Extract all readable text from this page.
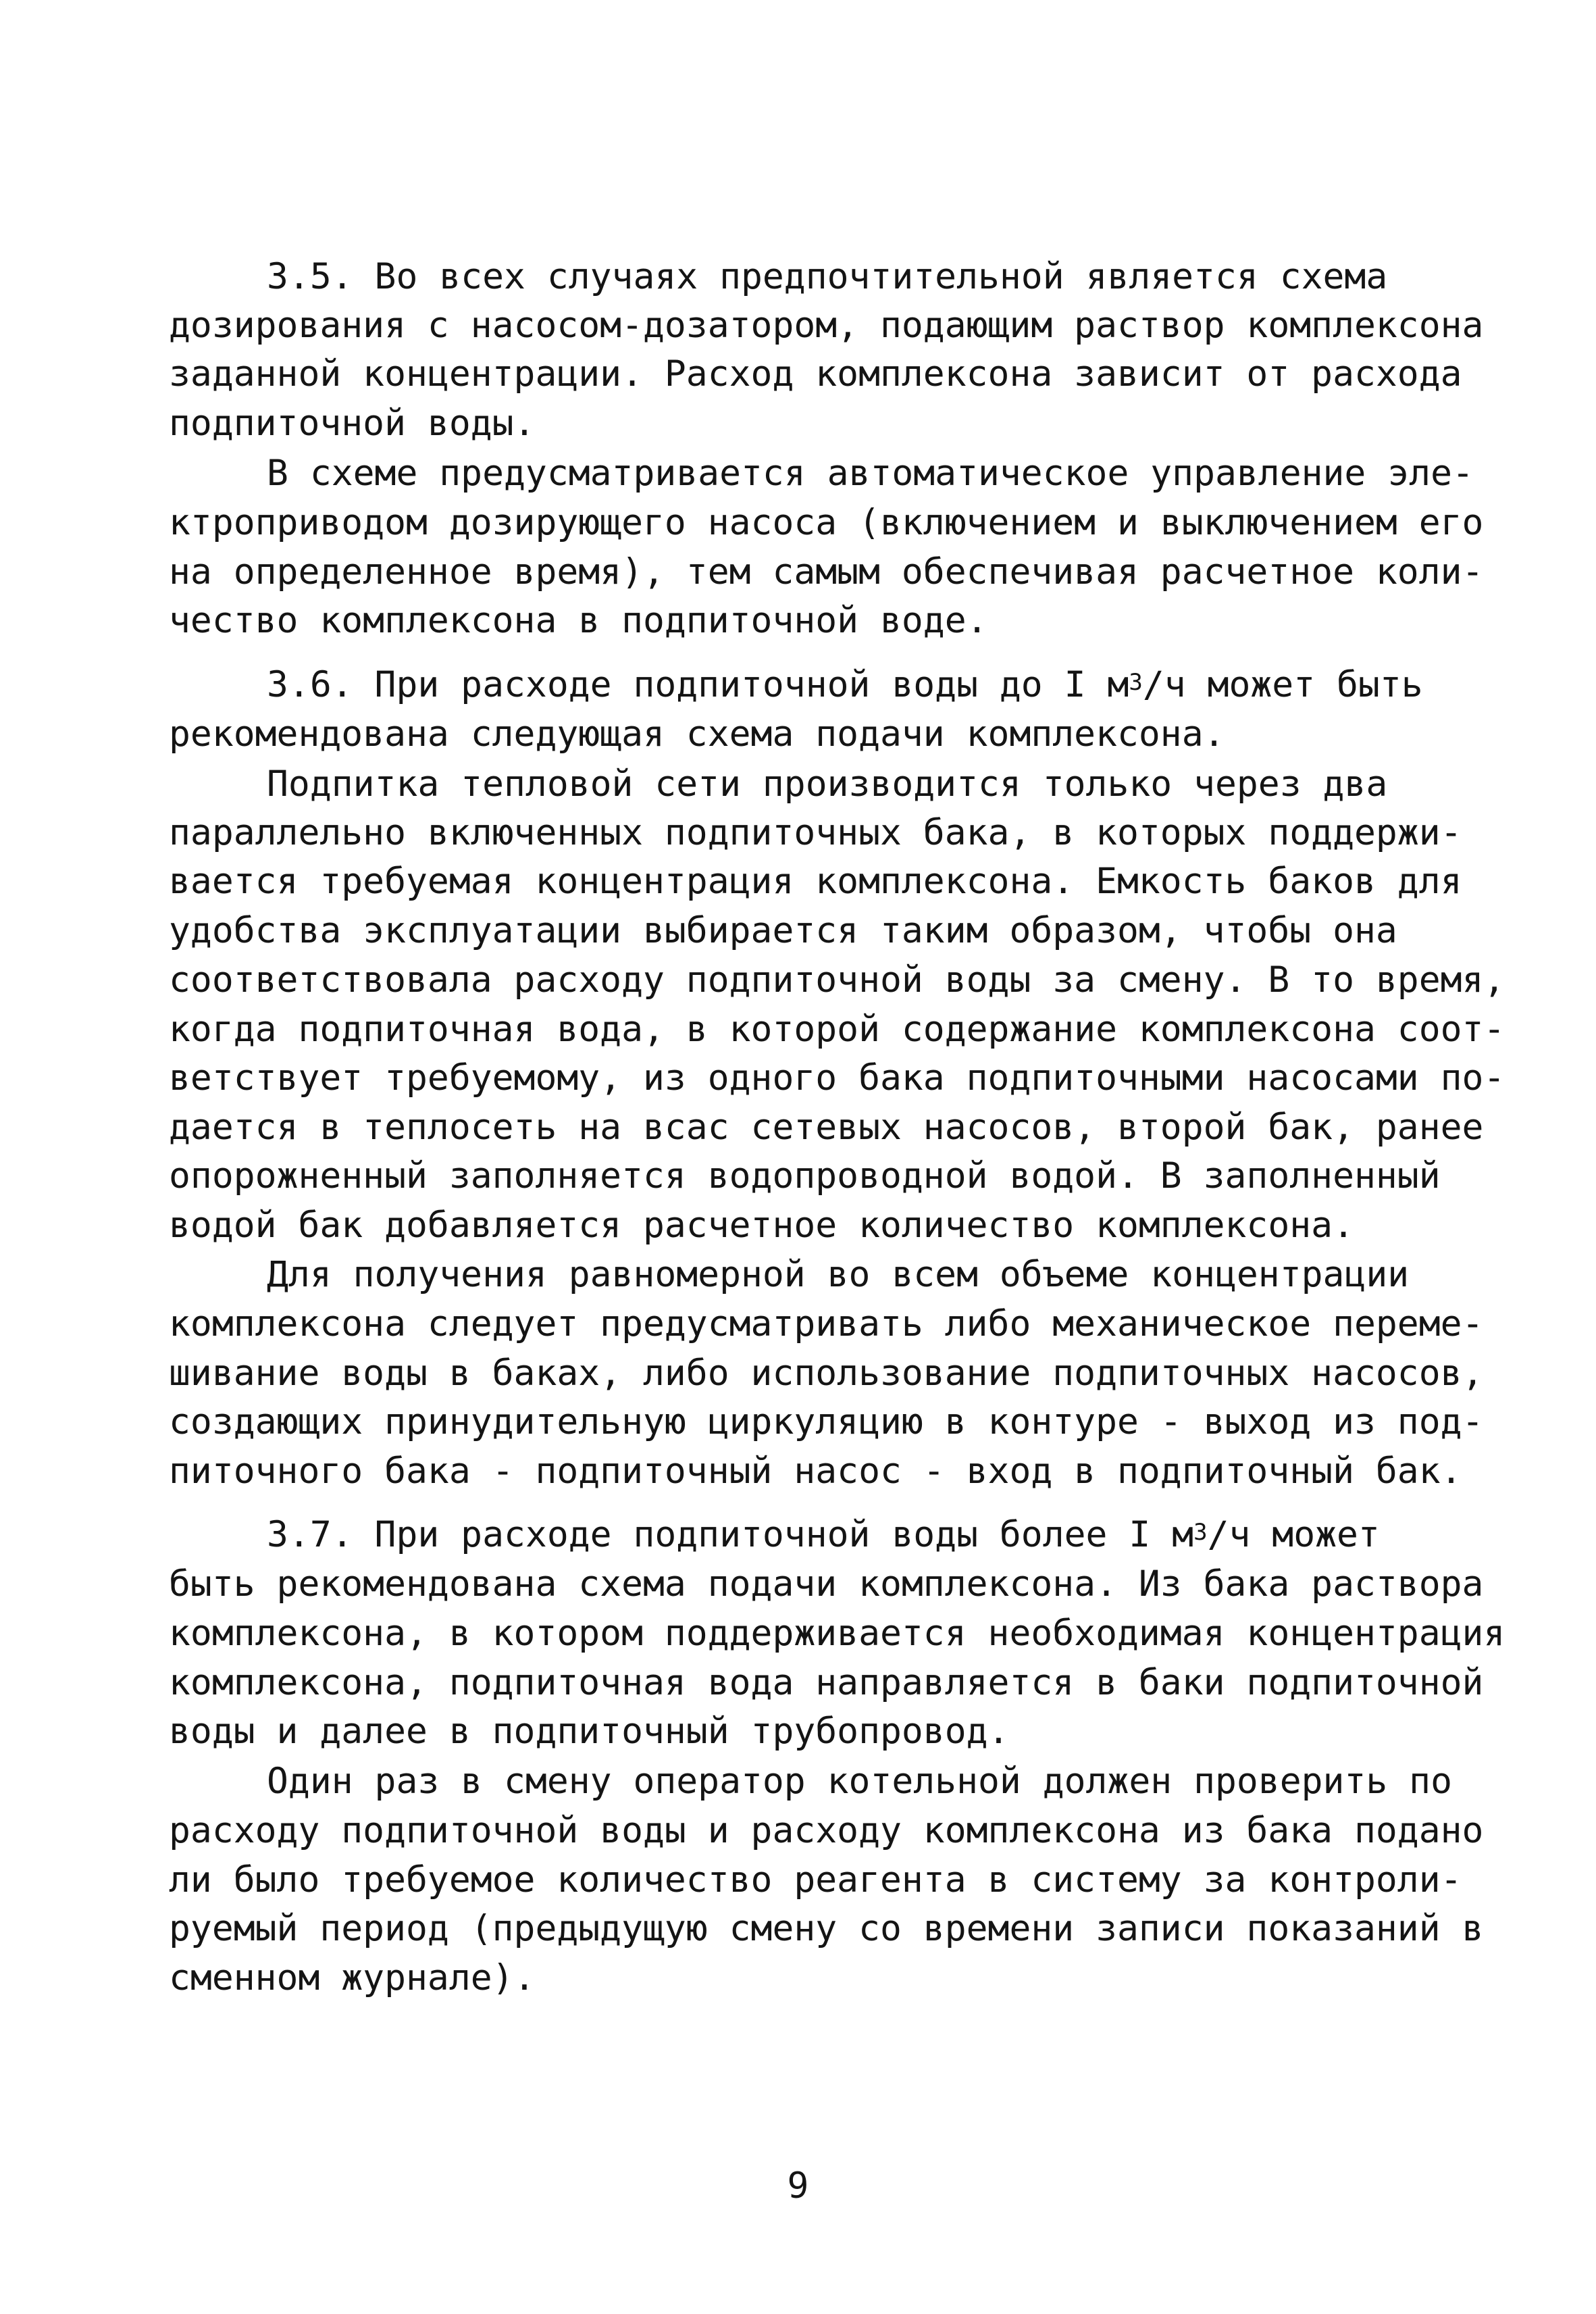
3.5. Во всех случаях предпочтительной является схема
дозирования с насосом-дозатором, подающим раствор комплексона
заданной концентрации. Расход комплексона зависит от расхода
подпиточной воды.
В схеме предусматривается автоматическое управление эле-
ктроприводом дозирующего насоса (включением и выключением его
на определенное время), тем самым обеспечивая расчетное коли-
чество комплексона в подпиточной воде.
3.6. При расходе подпиточной воды до I $м^3/ч$ может быть
рекомендована следующая схема подачи комплексона.
Подпитка тепловой сети производится только через два
параллельно включенных подпиточных бака, в которых поддержи-
вается требуемая концентрация комплексона. Емкость баков для
удобства эксплуатации выбирается таким образом, чтобы она
соответствовала расходу подпиточной воды за смену. В то время,
когда подпиточная вода, в которой содержание комплексона соот-
ветствует требуемому, из одного бака подпиточными насосами по-
дается в теплосеть на всас сетевых насосов, второй бак, ранее
опорожненный заполняется водопроводной водой. В заполненный
водой бак добавляется расчетное количество комплексона.
Для получения равномерной во всем объеме концентрации
комплексона следует предусматривать либо механическое переме-
шивание воды в баках, либо использование подпиточных насосов,
создающих принудительную циркуляцию в контуре - выход из под-
питочного бака - подпиточный насос - вход в подпиточный бак.
3.7. При расходе подпиточной воды более I $м^3/ч$ может
быть рекомендована схема подачи комплексона. Из бака раствора
комплексона, в котором поддерживается необходимая концентрация
комплексона, подпиточная вода направляется в баки подпиточной
воды и далее в подпиточный трубопровод.
Один раз в смену оператор котельной должен проверить по
расходу подпиточной воды и расходу комплексона из бака подано
ли было требуемое количество реагента в систему за контроли-
руемый период (предыдущую смену со времени записи показаний в
сменном журнале).
9
